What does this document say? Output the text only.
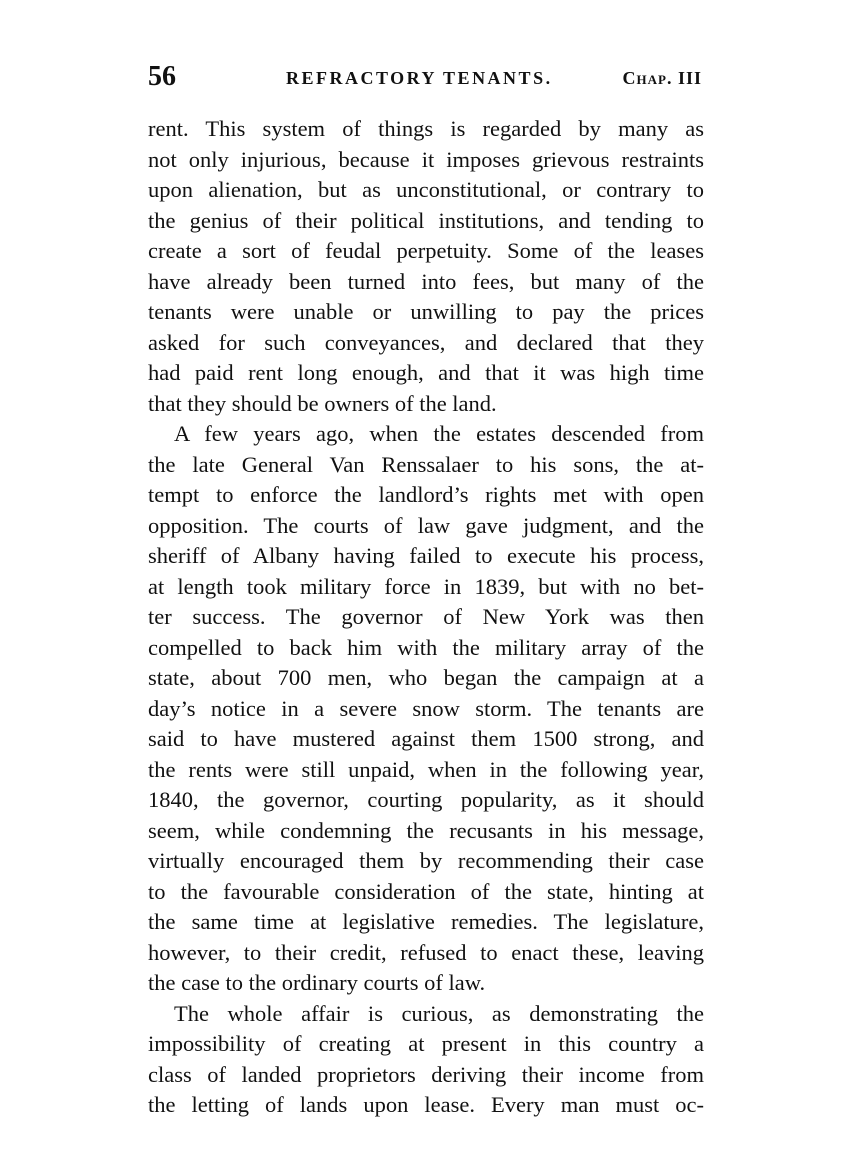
56	REFRACTORY TENANTS.	Chap. III
rent. This system of things is regarded by many as
not only injurious, because it imposes grievous restraints
upon alienation, but as unconstitutional, or contrary to
the genius of their political institutions, and tending to
create a sort of feudal perpetuity. Some of the leases
have already been turned into fees, but many of the
tenants were unable or unwilling to pay the prices
asked for such conveyances, and declared that they
had paid rent long enough, and that it was high time
that they should be owners of the land.
A few years ago, when the estates descended from
the late General Van Renssalaer to his sons, the at-
tempt to enforce the landlord’s rights met with open
opposition. The courts of law gave judgment, and the
sheriff of Albany having failed to execute his process,
at length took military force in 1839, but with no bet-
ter success. The governor of New York was then
compelled to back him with the military array of the
state, about 700 men, who began the campaign at a
day’s notice in a severe snow storm. The tenants are
said to have mustered against them 1500 strong, and
the rents were still unpaid, when in the following year,
1840, the governor, courting popularity, as it should
seem, while condemning the recusants in his message,
virtually encouraged them by recommending their case
to the favourable consideration of the state, hinting at
the same time at legislative remedies. The legislature,
however, to their credit, refused to enact these, leaving
the case to the ordinary courts of law.
The whole affair is curious, as demonstrating the
impossibility of creating at present in this country a
class of landed proprietors deriving their income from
the letting of lands upon lease. Every man must oc-
